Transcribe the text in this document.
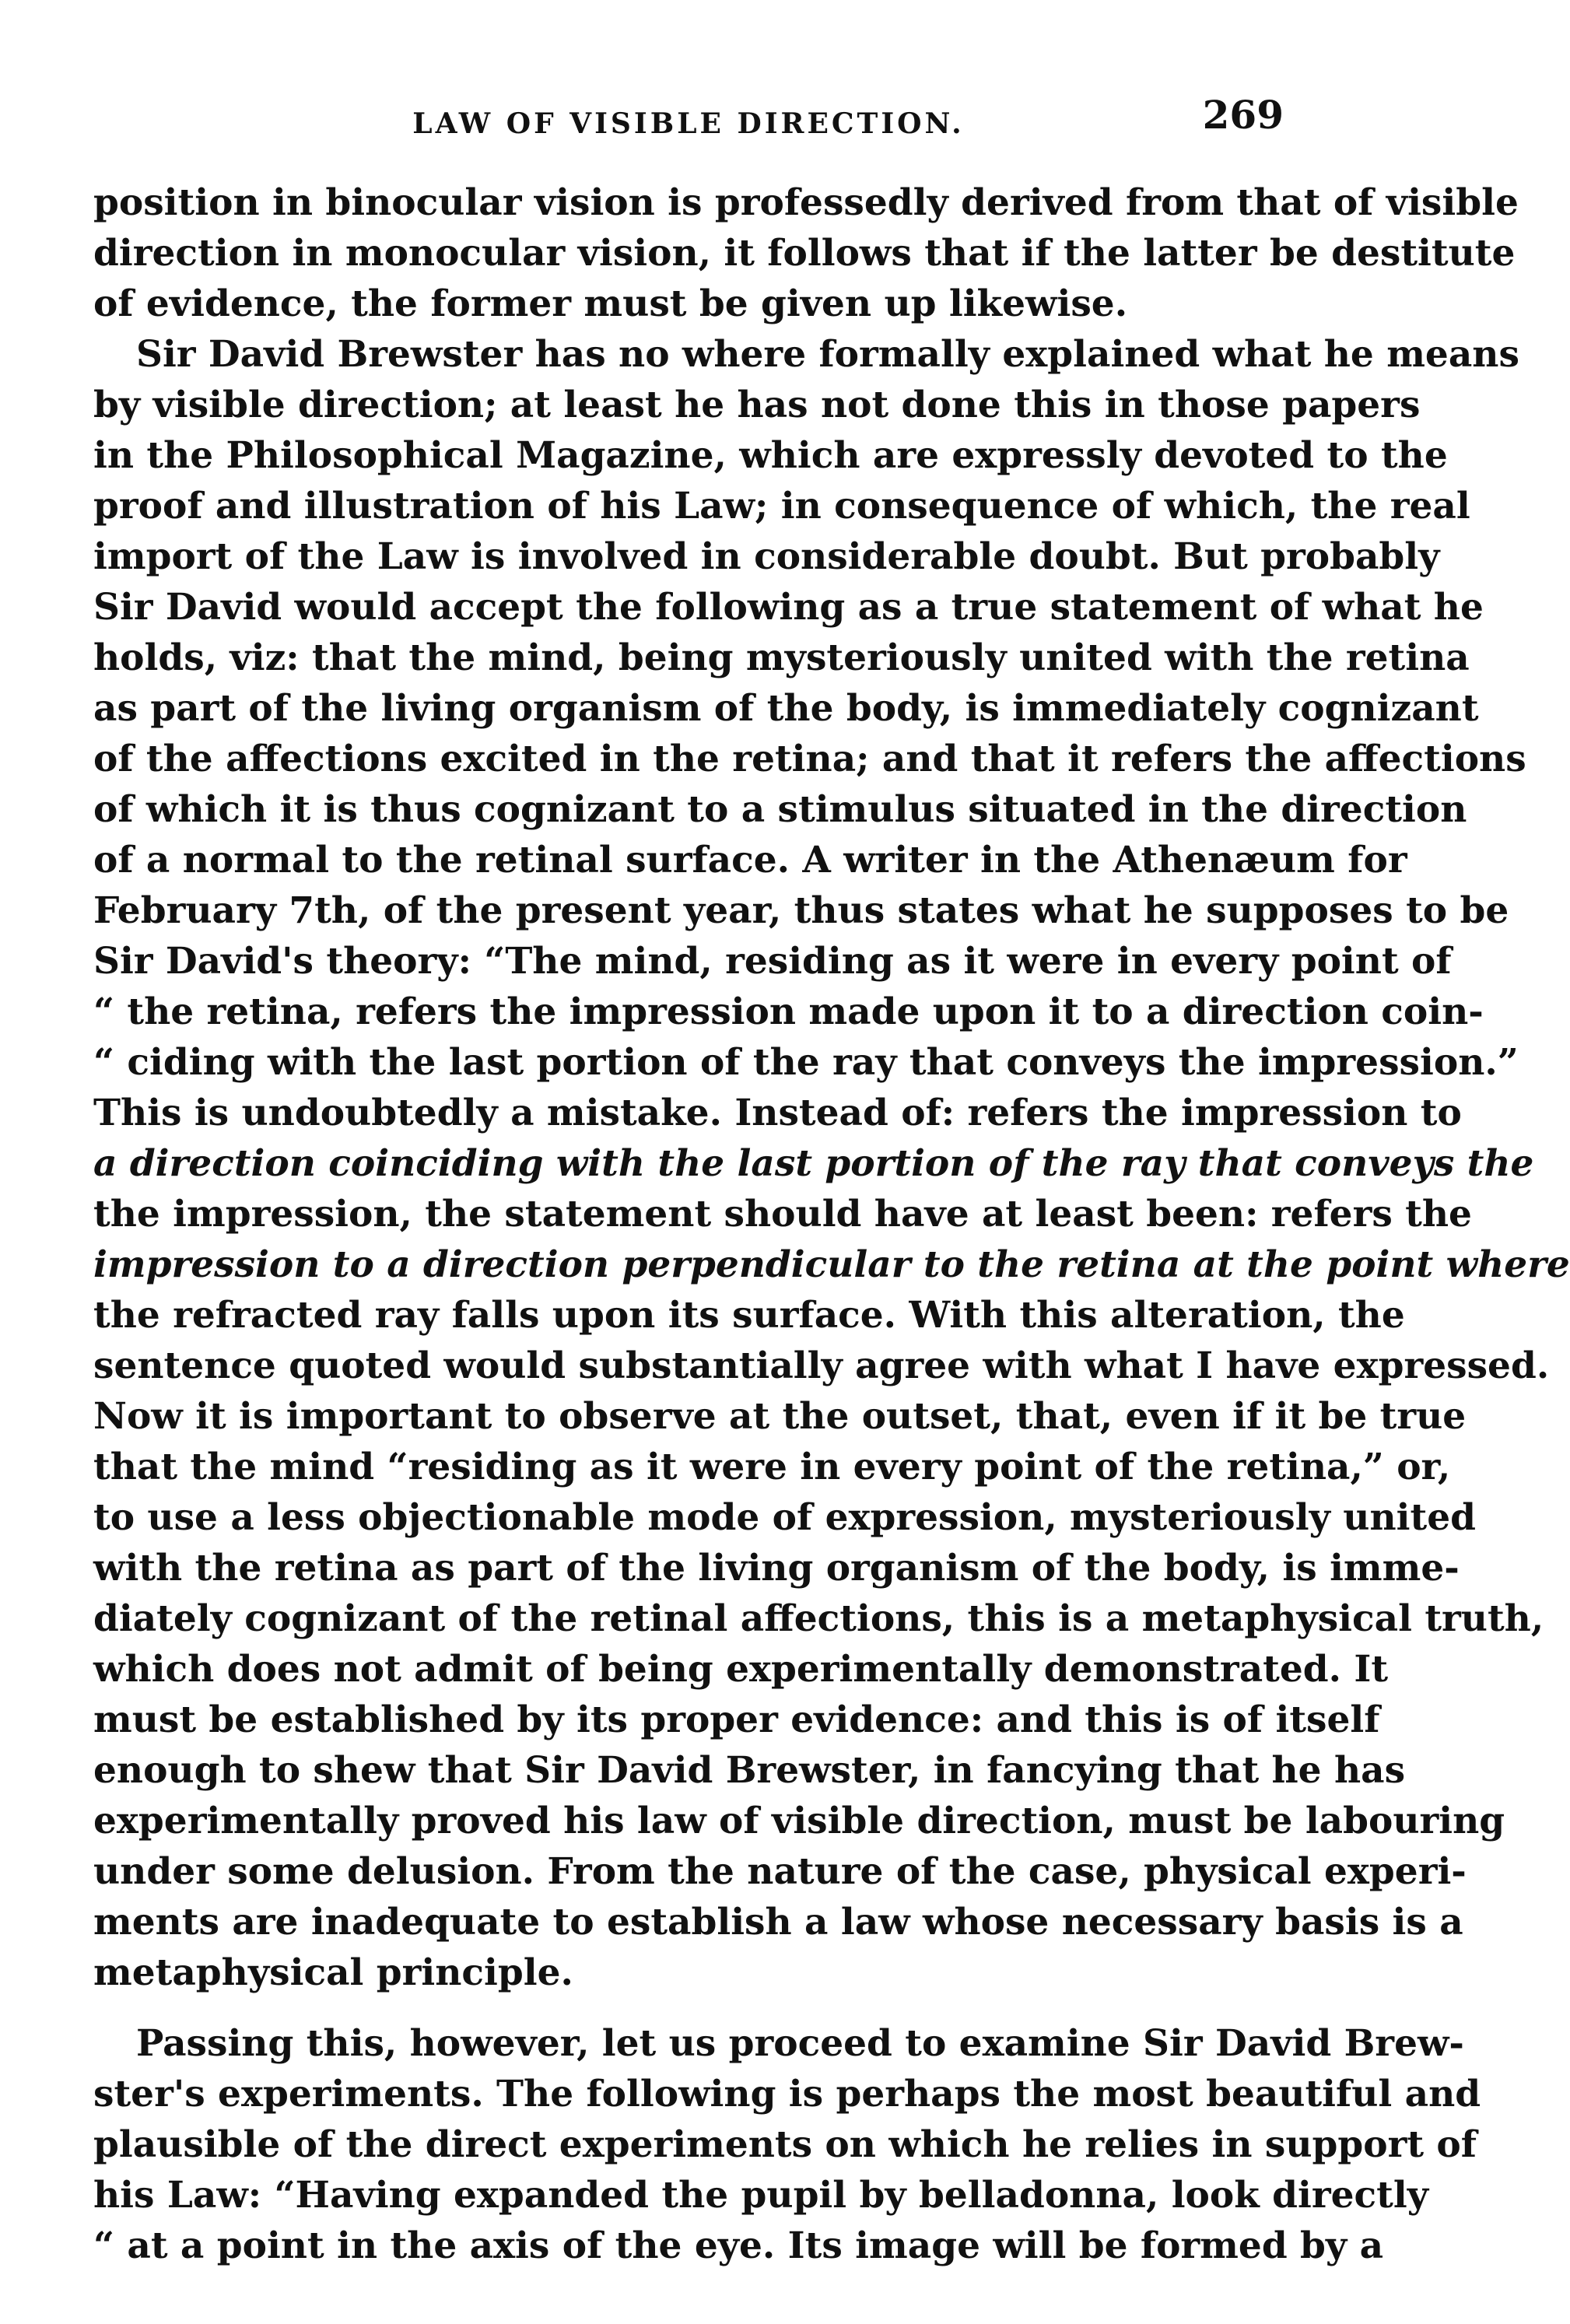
LAW OF VISIBLE DIRECTION.	269
position in binocular vision is professedly derived from that of visible
direction in monocular vision, it follows that if the latter be destitute
of evidence, the former must be given up likewise.
Sir David Brewster has no where formally explained what he means
by visible direction; at least he has not done this in those papers
in the Philosophical Magazine, which are expressly devoted to the
proof and illustration of his Law; in consequence of which, the real
import of the Law is involved in considerable doubt. But probably
Sir David would accept the following as a true statement of what he
holds, viz: that the mind, being mysteriously united with the retina
as part of the living organism of the body, is immediately cognizant
of the affections excited in the retina; and that it refers the affections
of which it is thus cognizant to a stimulus situated in the direction
of a normal to the retinal surface. A writer in the Athenæum for
February 7th, of the present year, thus states what he supposes to be
Sir David's theory: “The mind, residing as it were in every point of
“ the retina, refers the impression made upon it to a direction coin-
“ ciding with the last portion of the ray that conveys the impression.”
This is undoubtedly a mistake. Instead of: refers the impression to
a direction coinciding with the last portion of the ray that conveys the
the impression, the statement should have at least been: refers the
impression to a direction perpendicular to the retina at the point where
the refracted ray falls upon its surface. With this alteration, the
sentence quoted would substantially agree with what I have expressed.
Now it is important to observe at the outset, that, even if it be true
that the mind “residing as it were in every point of the retina,” or,
to use a less objectionable mode of expression, mysteriously united
with the retina as part of the living organism of the body, is imme-
diately cognizant of the retinal affections, this is a metaphysical truth,
which does not admit of being experimentally demonstrated. It
must be established by its proper evidence: and this is of itself
enough to shew that Sir David Brewster, in fancying that he has
experimentally proved his law of visible direction, must be labouring
under some delusion. From the nature of the case, physical experi-
ments are inadequate to establish a law whose necessary basis is a
metaphysical principle.
Passing this, however, let us proceed to examine Sir David Brew-
ster's experiments. The following is perhaps the most beautiful and
plausible of the direct experiments on which he relies in support of
his Law: “Having expanded the pupil by belladonna, look directly
“ at a point in the axis of the eye. Its image will be formed by a
